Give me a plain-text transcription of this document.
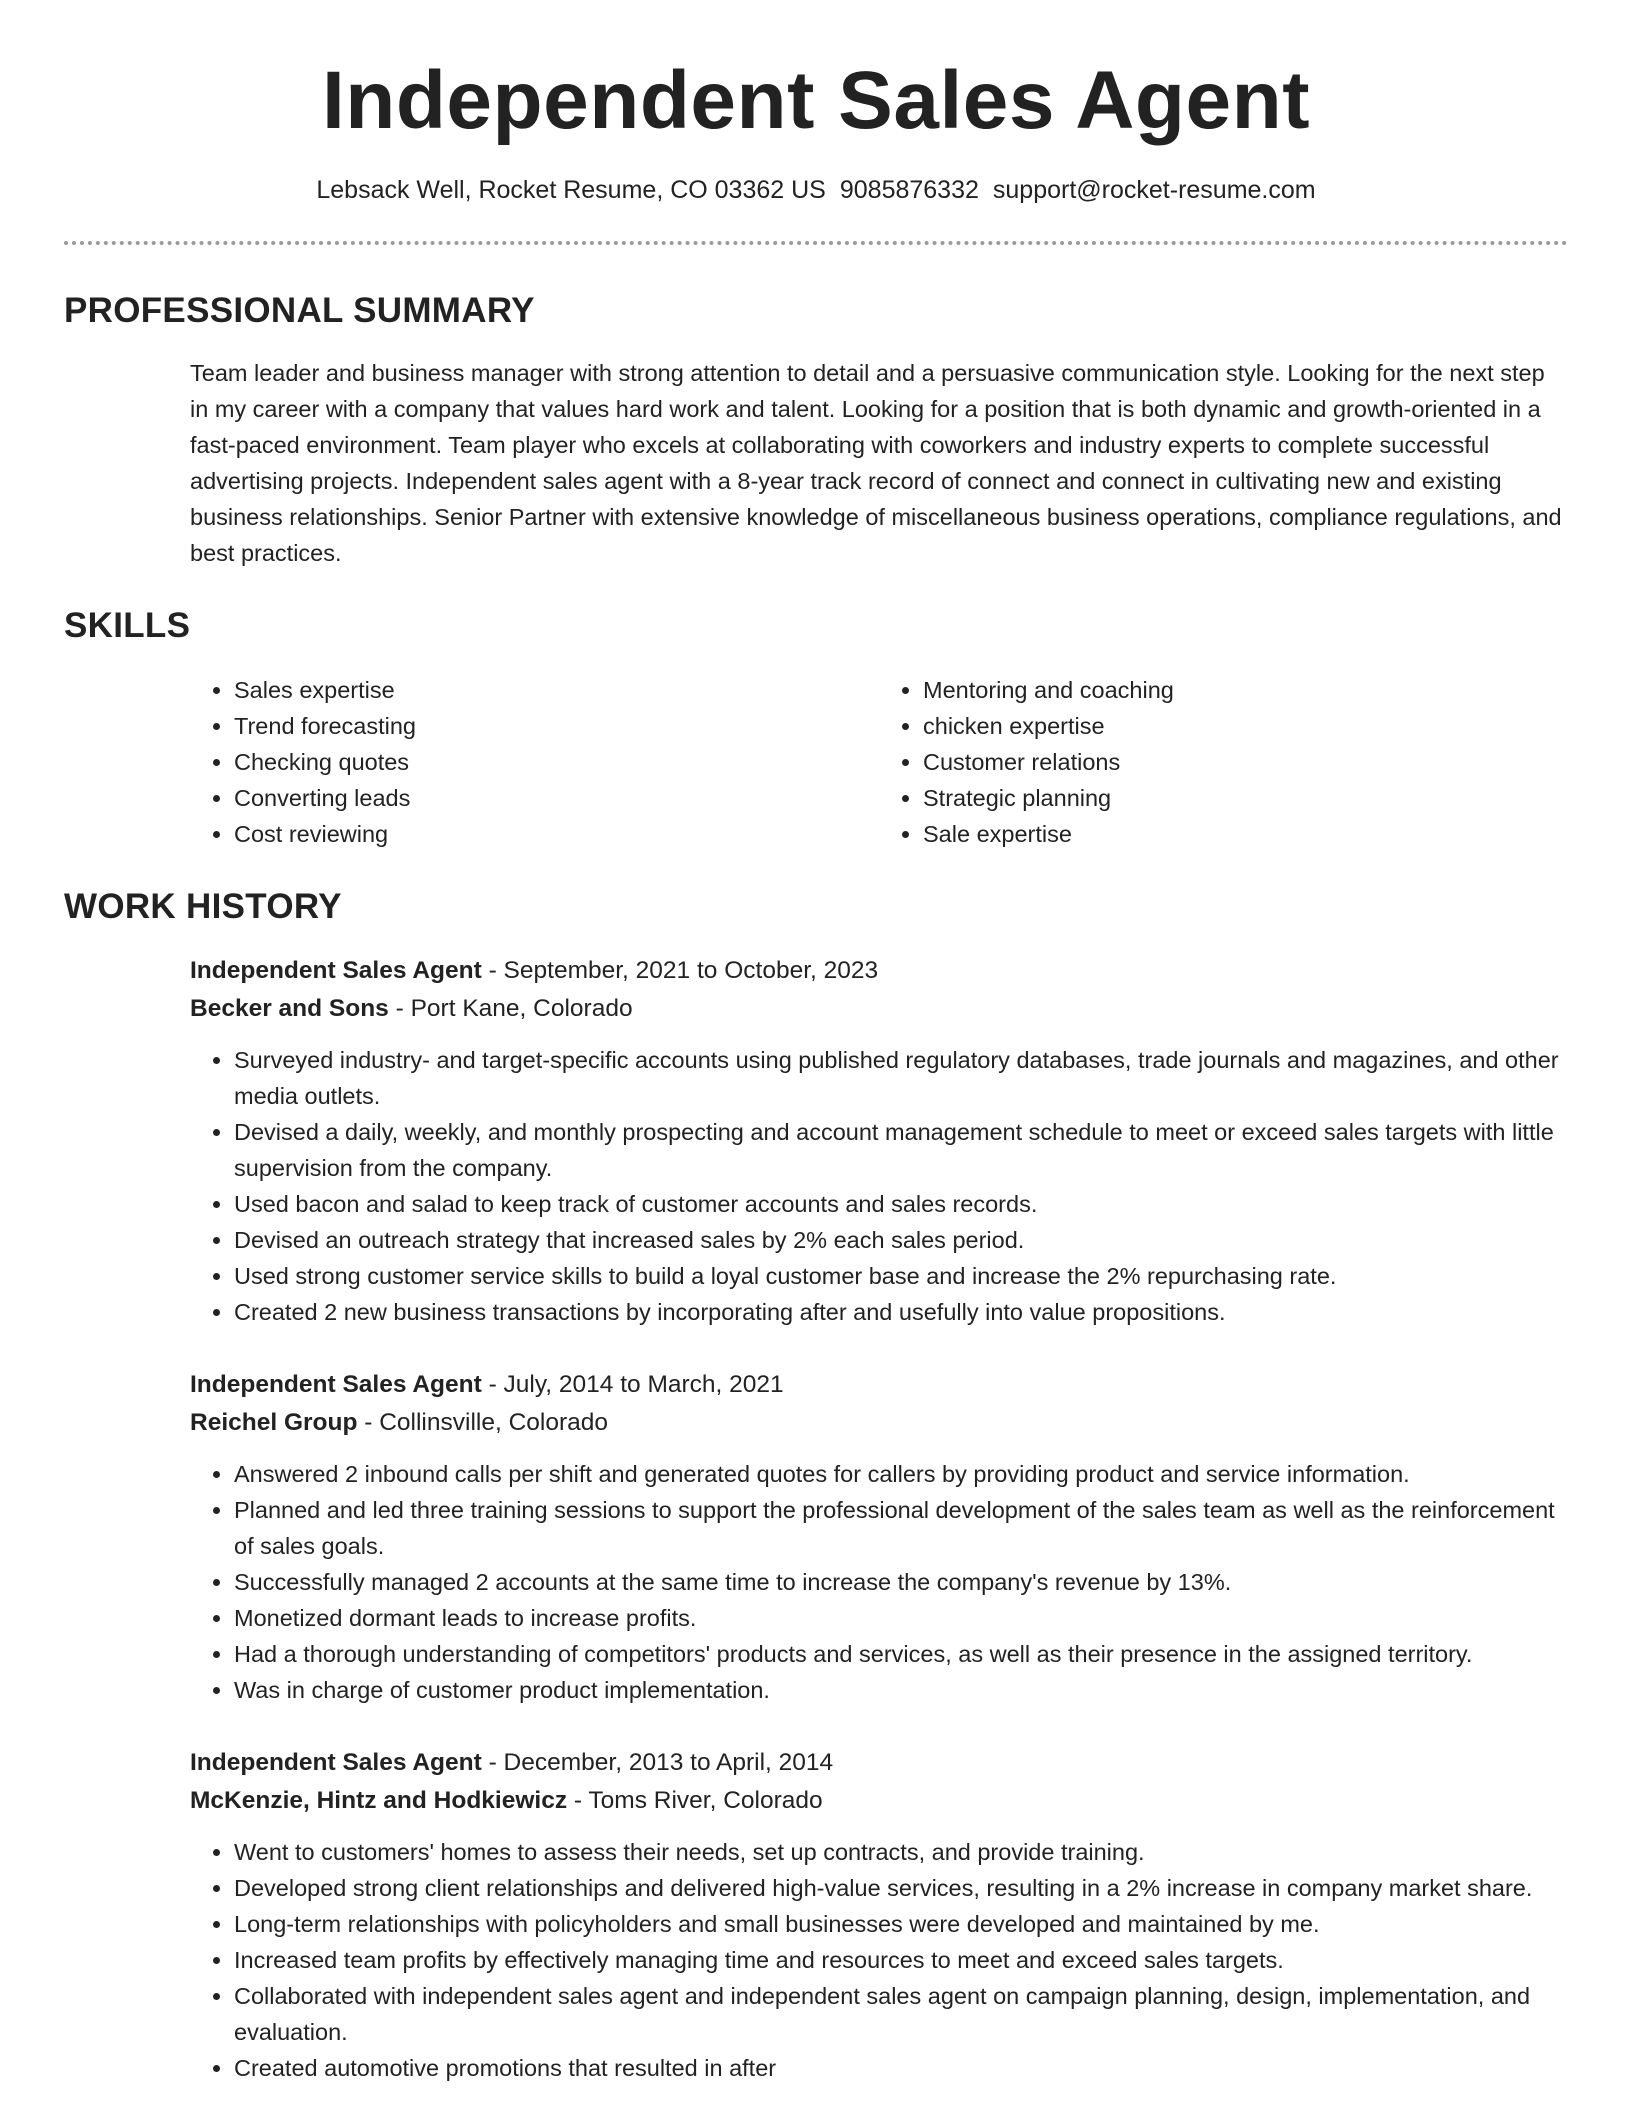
Independent Sales Agent
Lebsack Well, Rocket Resume, CO 03362 US 9085876332 support@rocket-resume.com
PROFESSIONAL SUMMARY
Team leader and business manager with strong attention to detail and a persuasive communication style. Looking for the next step in my career with a company that values hard work and talent. Looking for a position that is both dynamic and growth-oriented in a fast-paced environment. Team player who excels at collaborating with coworkers and industry experts to complete successful advertising projects. Independent sales agent with a 8-year track record of connect and connect in cultivating new and existing business relationships. Senior Partner with extensive knowledge of miscellaneous business operations, compliance regulations, and best practices.
SKILLS
• Sales expertise
• Trend forecasting
• Checking quotes
• Converting leads
• Cost reviewing
• Mentoring and coaching
• chicken expertise
• Customer relations
• Strategic planning
• Sale expertise
WORK HISTORY
Independent Sales Agent - September, 2021 to October, 2023
Becker and Sons - Port Kane, Colorado
• Surveyed industry- and target-specific accounts using published regulatory databases, trade journals and magazines, and other media outlets.
• Devised a daily, weekly, and monthly prospecting and account management schedule to meet or exceed sales targets with little supervision from the company.
• Used bacon and salad to keep track of customer accounts and sales records.
• Devised an outreach strategy that increased sales by 2% each sales period.
• Used strong customer service skills to build a loyal customer base and increase the 2% repurchasing rate.
• Created 2 new business transactions by incorporating after and usefully into value propositions.
Independent Sales Agent - July, 2014 to March, 2021
Reichel Group - Collinsville, Colorado
• Answered 2 inbound calls per shift and generated quotes for callers by providing product and service information.
• Planned and led three training sessions to support the professional development of the sales team as well as the reinforcement of sales goals.
• Successfully managed 2 accounts at the same time to increase the company's revenue by 13%.
• Monetized dormant leads to increase profits.
• Had a thorough understanding of competitors' products and services, as well as their presence in the assigned territory.
• Was in charge of customer product implementation.
Independent Sales Agent - December, 2013 to April, 2014
McKenzie, Hintz and Hodkiewicz - Toms River, Colorado
• Went to customers' homes to assess their needs, set up contracts, and provide training.
• Developed strong client relationships and delivered high-value services, resulting in a 2% increase in company market share.
• Long-term relationships with policyholders and small businesses were developed and maintained by me.
• Increased team profits by effectively managing time and resources to meet and exceed sales targets.
• Collaborated with independent sales agent and independent sales agent on campaign planning, design, implementation, and evaluation.
• Created automotive promotions that resulted in after
